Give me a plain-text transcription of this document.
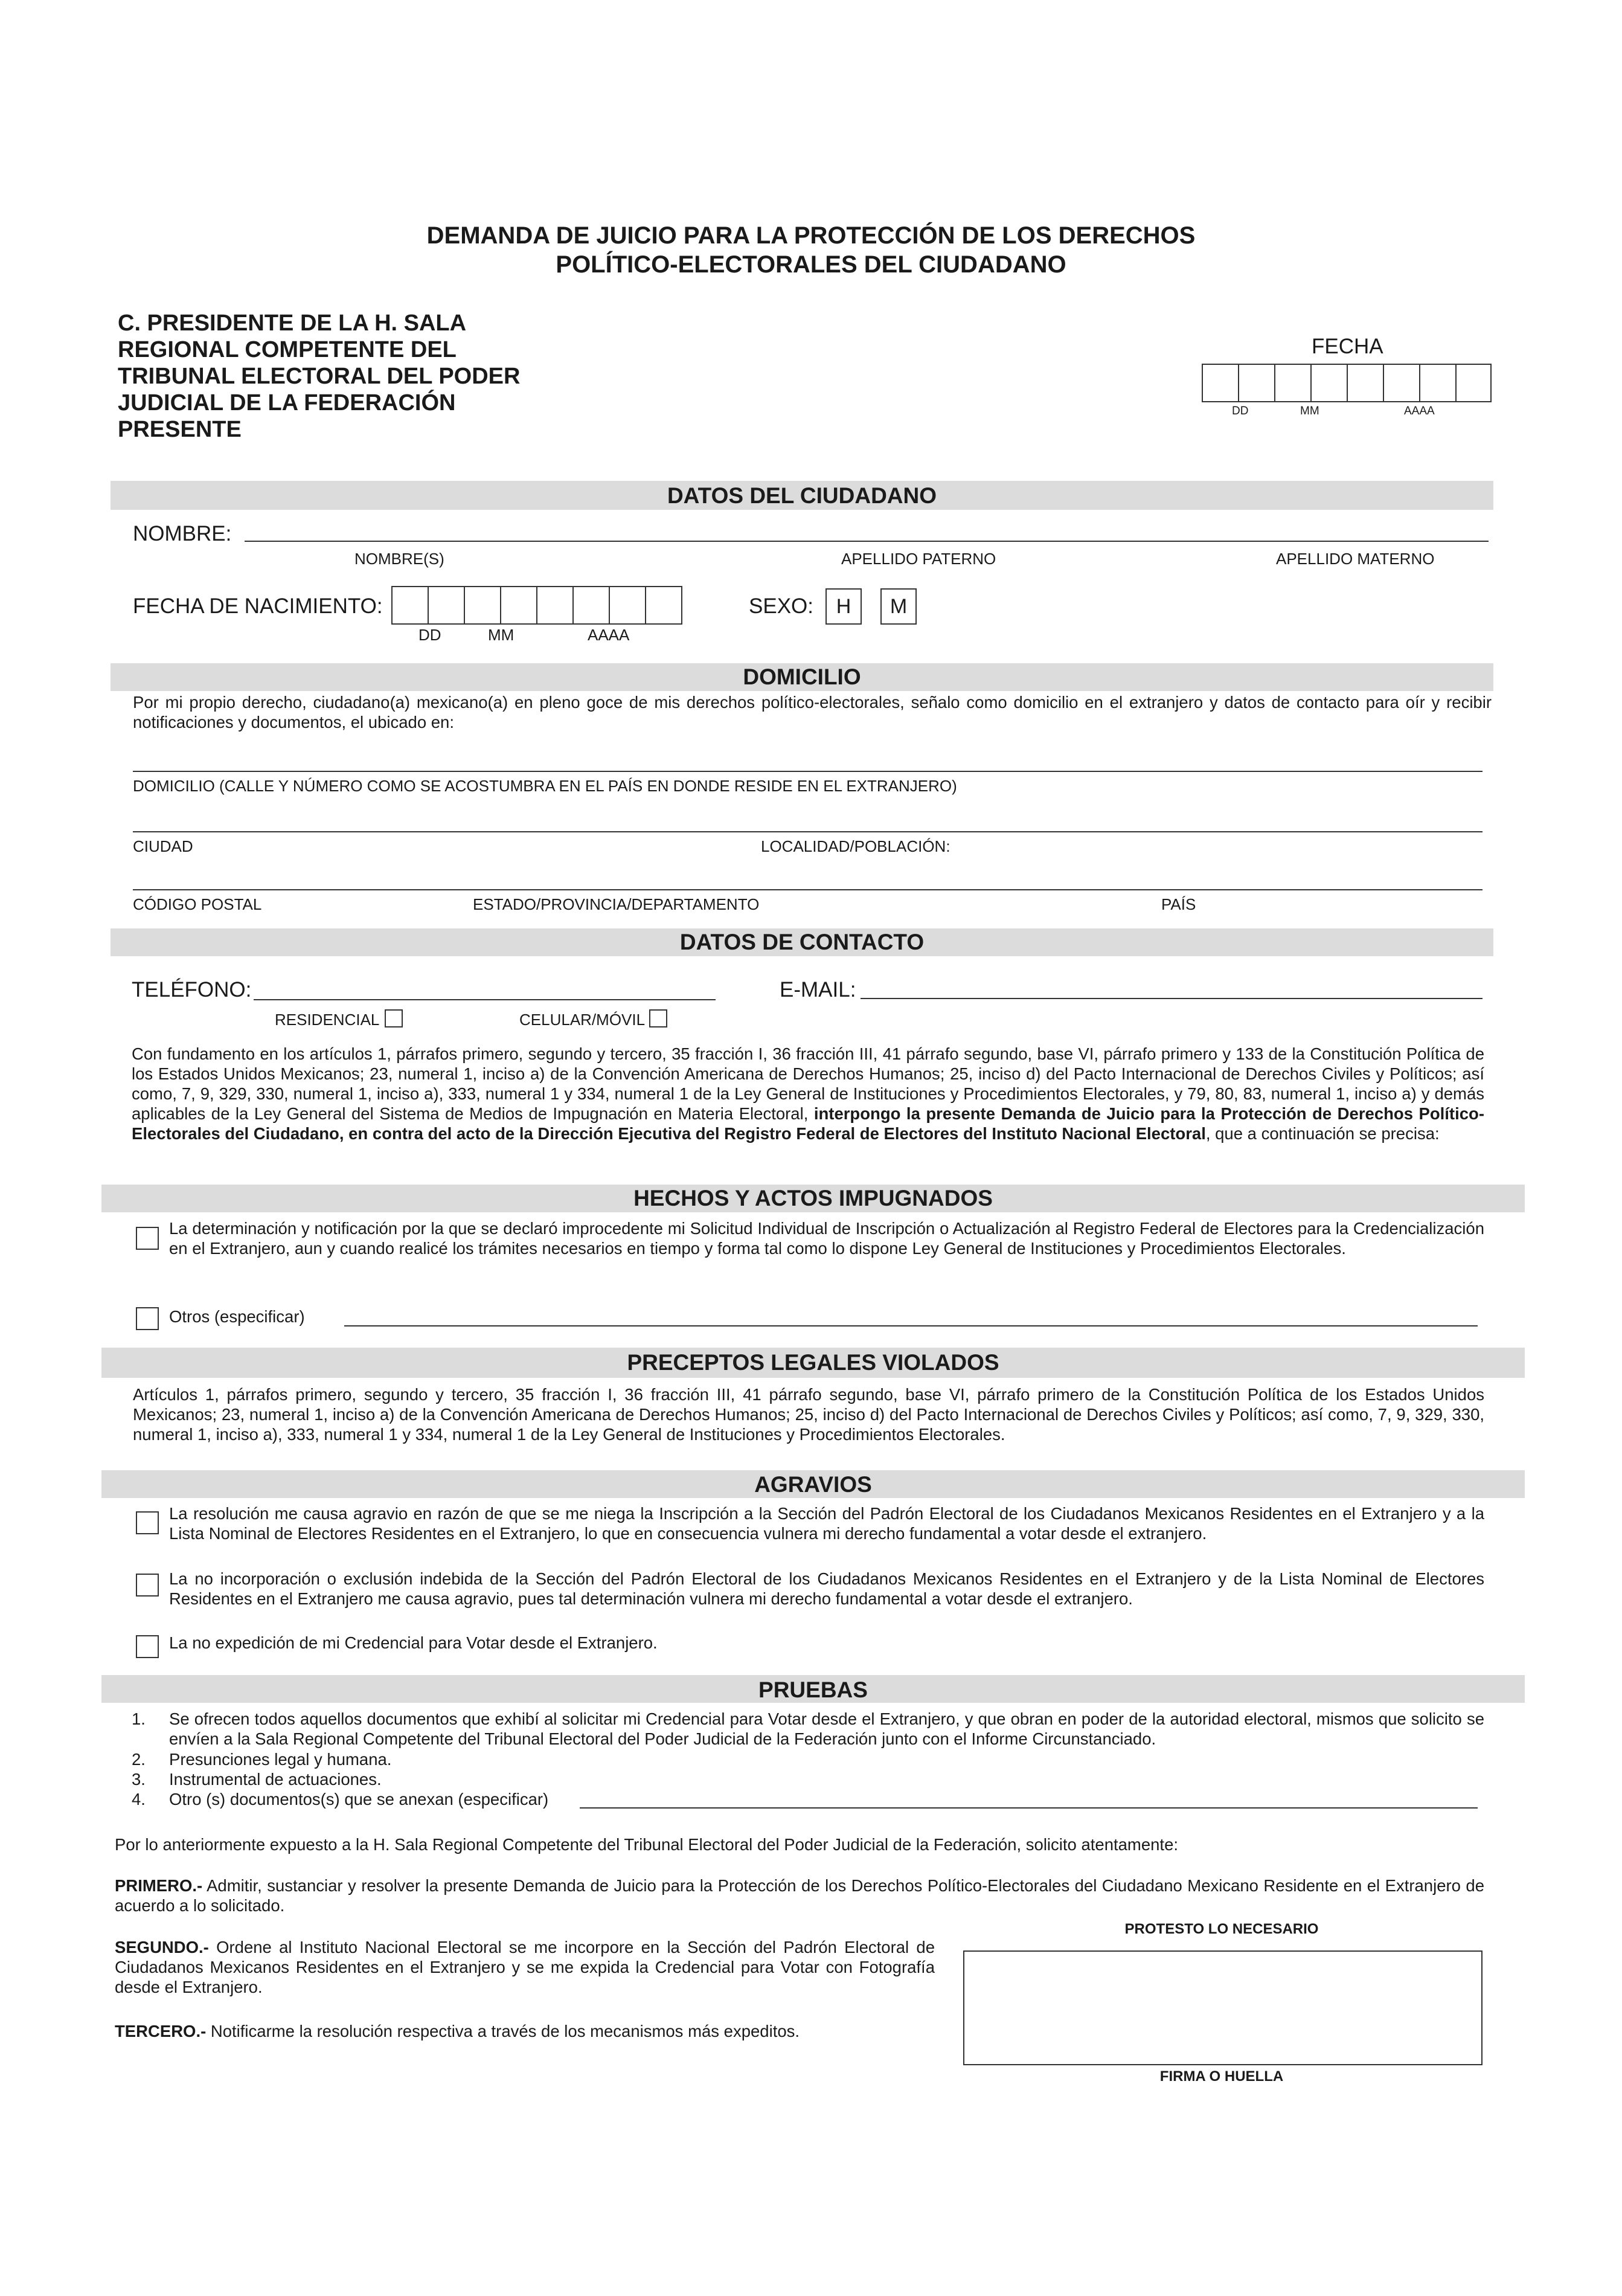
DEMANDA DE JUICIO PARA LA PROTECCIÓN DE LOS DERECHOS
POLÍTICO-ELECTORALES DEL CIUDADANO
C. PRESIDENTE DE LA H. SALA
REGIONAL COMPETENTE DEL
TRIBUNAL ELECTORAL DEL PODER
JUDICIAL DE LA FEDERACIÓN
PRESENTE
FECHA
DD	MM	AAAA
DATOS DEL CIUDADANO
NOMBRE:
NOMBRE(S)	APELLIDO PATERNO	APELLIDO MATERNO
FECHA DE NACIMIENTO:
DD	MM	AAAA
SEXO:	H	M
DOMICILIO
Por mi propio derecho, ciudadano(a) mexicano(a) en pleno goce de mis derechos político-electorales, señalo como domicilio en el extranjero y datos de contacto para oír y recibir notificaciones y documentos, el ubicado en:
DOMICILIO (CALLE Y NÚMERO COMO SE ACOSTUMBRA EN EL PAÍS EN DONDE RESIDE EN EL EXTRANJERO)
CIUDAD	LOCALIDAD/POBLACIÓN:
CÓDIGO POSTAL	ESTADO/PROVINCIA/DEPARTAMENTO	PAÍS
DATOS DE CONTACTO
TELÉFONO:	E-MAIL:
RESIDENCIAL	CELULAR/MÓVIL
Con fundamento en los artículos 1, párrafos primero, segundo y tercero, 35 fracción I, 36 fracción III, 41 párrafo segundo, base VI, párrafo primero y 133 de la Constitución Política de los Estados Unidos Mexicanos; 23, numeral 1, inciso a) de la Convención Americana de Derechos Humanos; 25, inciso d) del Pacto Internacional de Derechos Civiles y Políticos; así como, 7, 9, 329, 330, numeral 1, inciso a), 333, numeral 1 y 334, numeral 1 de la Ley General de Instituciones y Procedimientos Electorales, y 79, 80, 83, numeral 1, inciso a) y demás aplicables de la Ley General del Sistema de Medios de Impugnación en Materia Electoral, interpongo la presente Demanda de Juicio para la Protección de Derechos Político-Electorales del Ciudadano, en contra del acto de la Dirección Ejecutiva del Registro Federal de Electores del Instituto Nacional Electoral, que a continuación se precisa:
HECHOS Y ACTOS IMPUGNADOS
La determinación y notificación por la que se declaró improcedente mi Solicitud Individual de Inscripción o Actualización al Registro Federal de Electores para la Credencialización en el Extranjero, aun y cuando realicé los trámites necesarios en tiempo y forma tal como lo dispone Ley General de Instituciones y Procedimientos Electorales.
Otros (especificar)
PRECEPTOS LEGALES VIOLADOS
Artículos 1, párrafos primero, segundo y tercero, 35 fracción I, 36 fracción III, 41 párrafo segundo, base VI, párrafo primero de la Constitución Política de los Estados Unidos Mexicanos; 23, numeral 1, inciso a) de la Convención Americana de Derechos Humanos; 25, inciso d) del Pacto Internacional de Derechos Civiles y Políticos; así como, 7, 9, 329, 330, numeral 1, inciso a), 333, numeral 1 y 334, numeral 1 de la Ley General de Instituciones y Procedimientos Electorales.
AGRAVIOS
La resolución me causa agravio en razón de que se me niega la Inscripción a la Sección del Padrón Electoral de los Ciudadanos Mexicanos Residentes en el Extranjero y a la Lista Nominal de Electores Residentes en el Extranjero, lo que en consecuencia vulnera mi derecho fundamental a votar desde el extranjero.
La no incorporación o exclusión indebida de la Sección del Padrón Electoral de los Ciudadanos Mexicanos Residentes en el Extranjero y de la Lista Nominal de Electores Residentes en el Extranjero me causa agravio, pues tal determinación vulnera mi derecho fundamental a votar desde el extranjero.
La no expedición de mi Credencial para Votar desde el Extranjero.
PRUEBAS
1. Se ofrecen todos aquellos documentos que exhibí al solicitar mi Credencial para Votar desde el Extranjero, y que obran en poder de la autoridad electoral, mismos que solicito se envíen a la Sala Regional Competente del Tribunal Electoral del Poder Judicial de la Federación junto con el Informe Circunstanciado.
2. Presunciones legal y humana.
3. Instrumental de actuaciones.
4. Otro (s) documentos(s) que se anexan (especificar)
Por lo anteriormente expuesto a la H. Sala Regional Competente del Tribunal Electoral del Poder Judicial de la Federación, solicito atentamente:
PRIMERO.- Admitir, sustanciar y resolver la presente Demanda de Juicio para la Protección de los Derechos Político-Electorales del Ciudadano Mexicano Residente en el Extranjero de acuerdo a lo solicitado.
SEGUNDO.- Ordene al Instituto Nacional Electoral se me incorpore en la Sección del Padrón Electoral de Ciudadanos Mexicanos Residentes en el Extranjero y se me expida la Credencial para Votar con Fotografía desde el Extranjero.
TERCERO.- Notificarme la resolución respectiva a través de los mecanismos más expeditos.
PROTESTO LO NECESARIO
FIRMA O HUELLA
